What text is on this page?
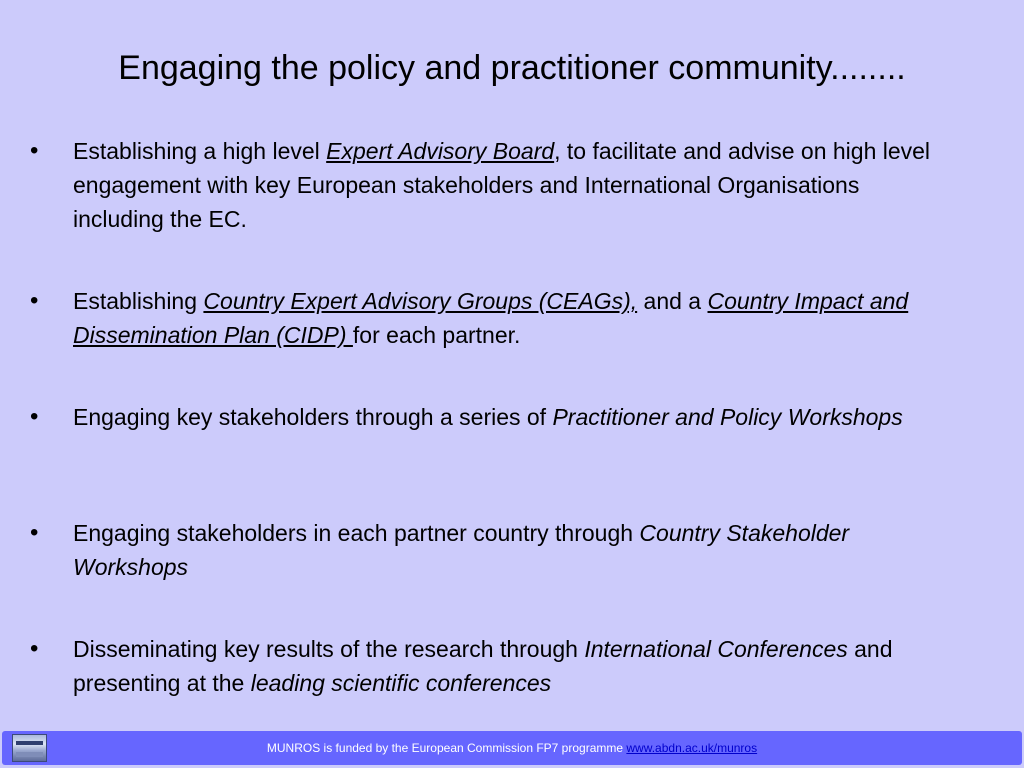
Engaging the policy and practitioner community........
• Establishing a high level Expert Advisory Board, to facilitate and advise on high level engagement with key European stakeholders and International Organisations including the EC.
• Establishing Country Expert Advisory Groups (CEAGs), and a Country Impact and Dissemination Plan (CIDP) for each partner.
• Engaging key stakeholders through a series of Practitioner and Policy Workshops
• Engaging stakeholders in each partner country through Country Stakeholder Workshops
• Disseminating key results of the research through International Conferences and presenting at the leading scientific conferences
MUNROS is funded by the European Commission FP7 programme www.abdn.ac.uk/munros
